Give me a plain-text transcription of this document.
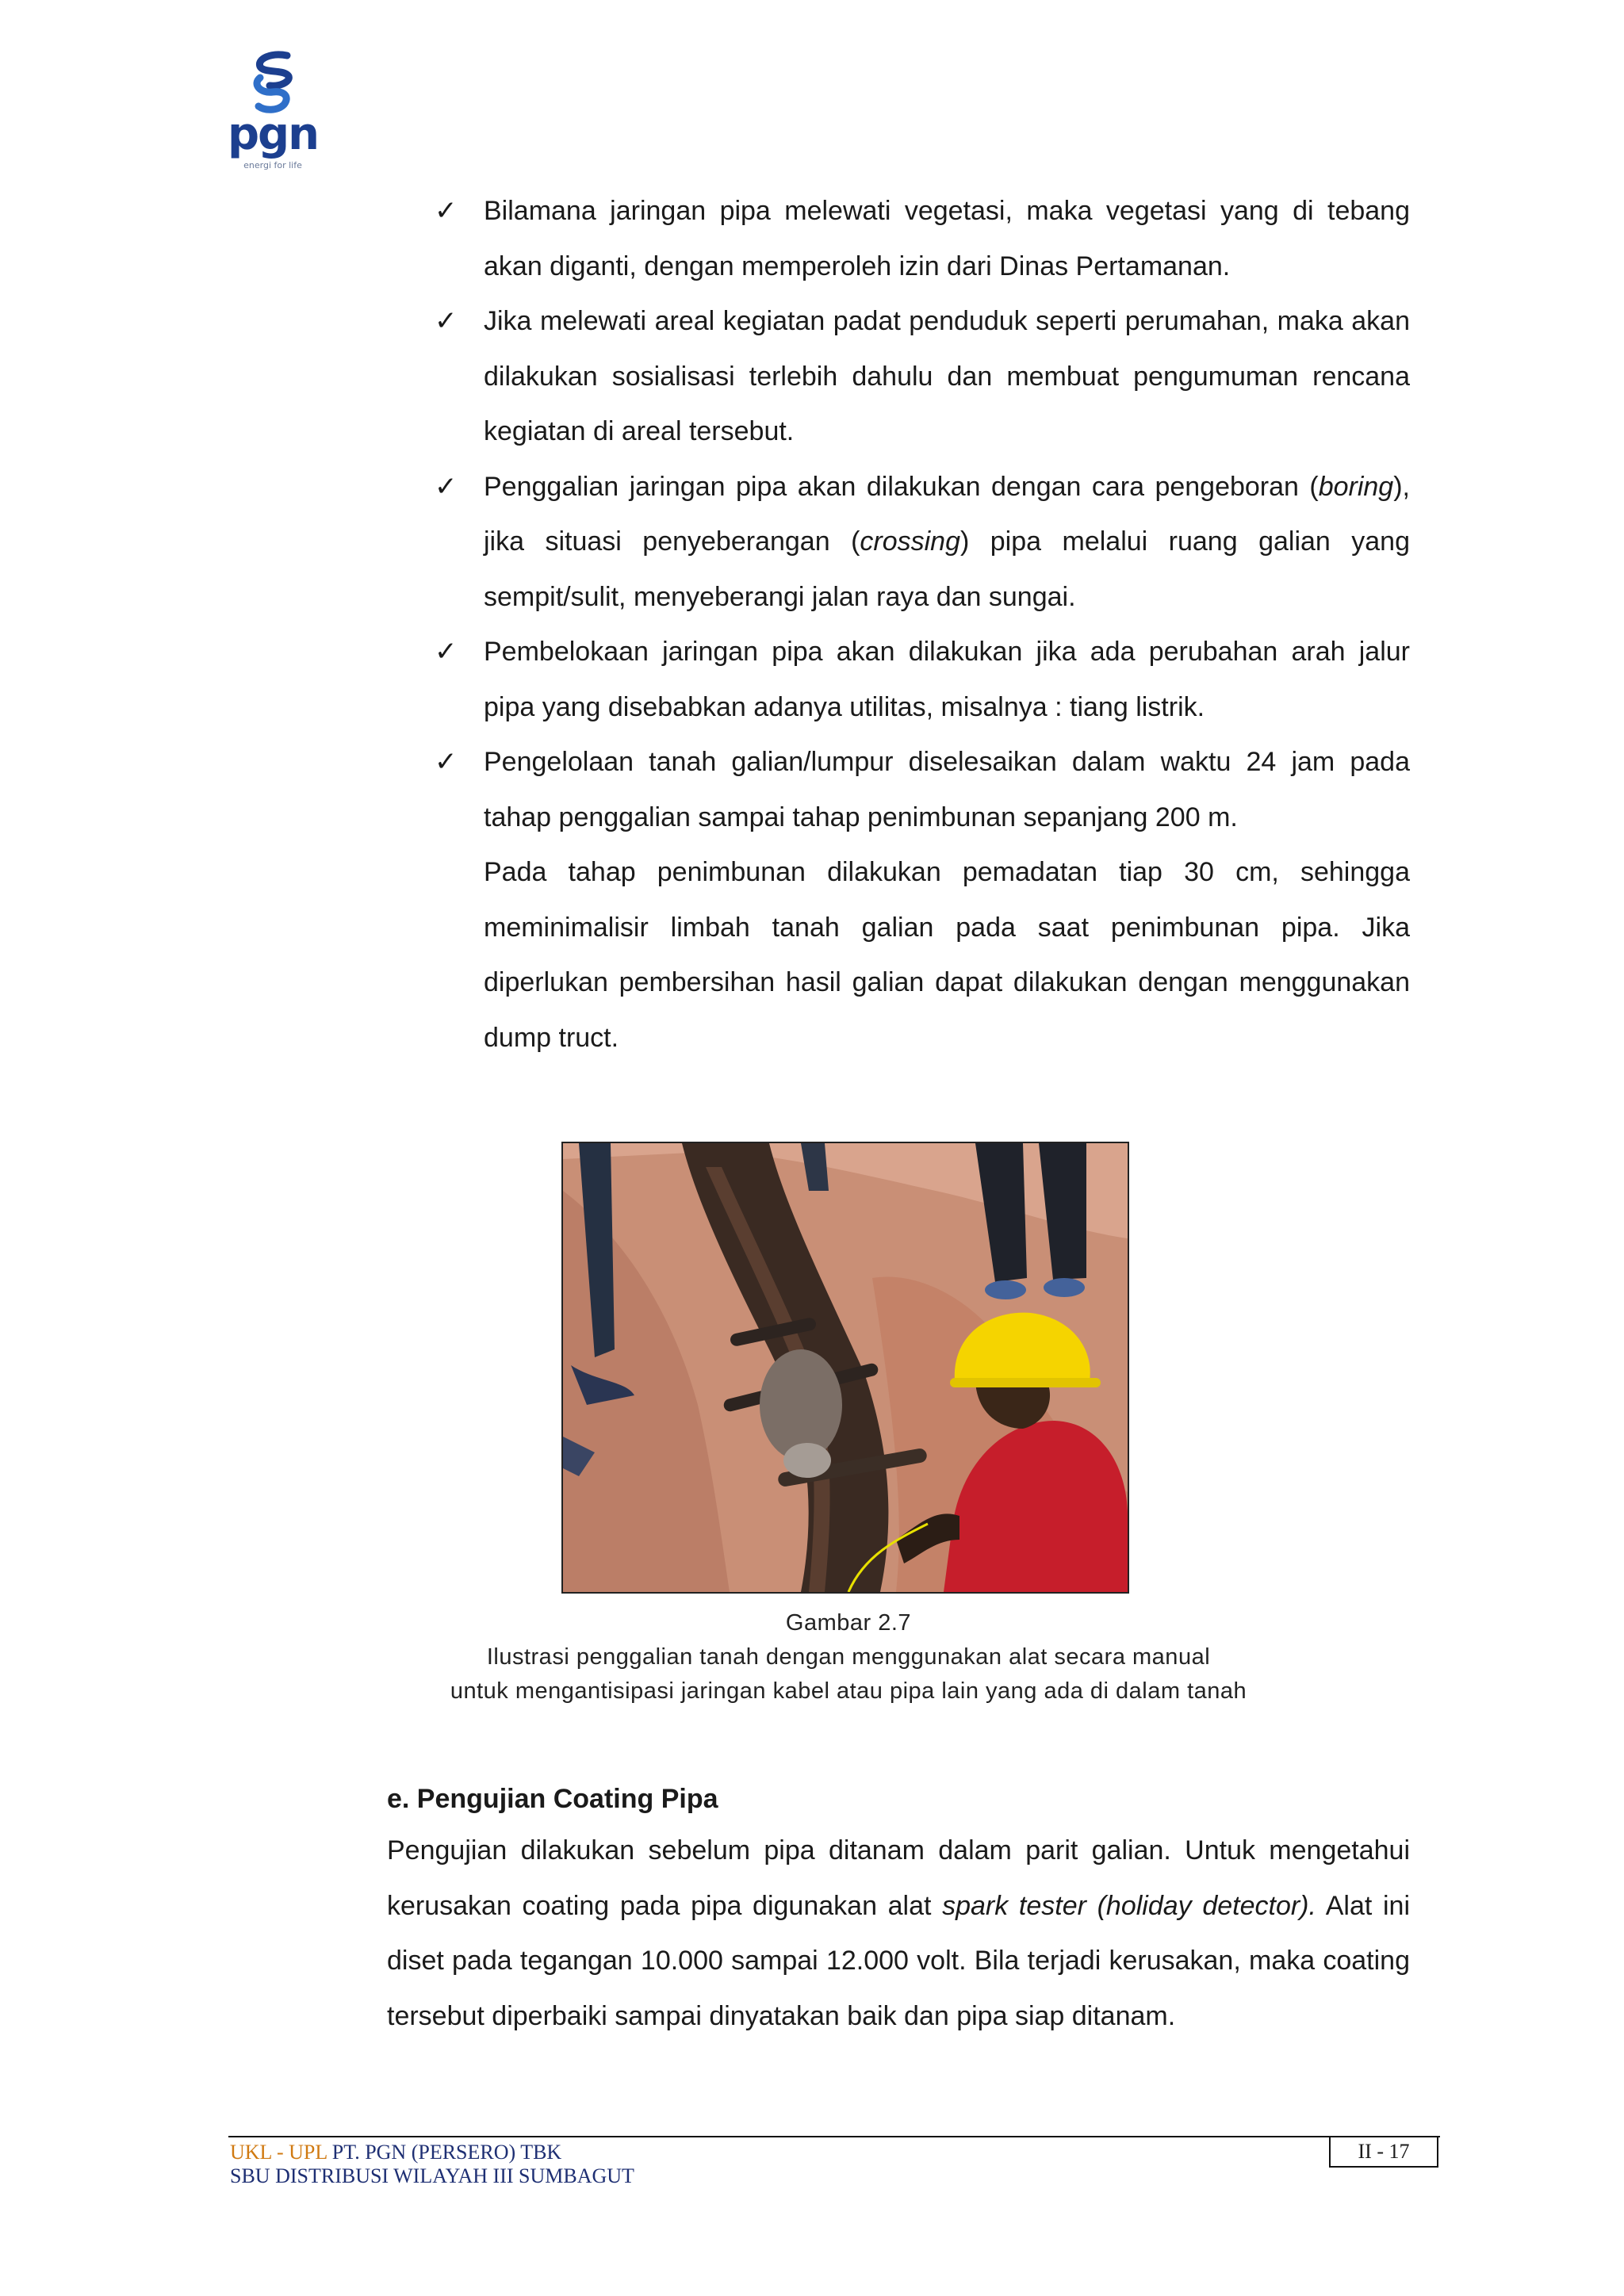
pgn
energi for life
✓ Bilamana jaringan pipa melewati vegetasi, maka vegetasi yang di tebang akan diganti, dengan memperoleh izin dari Dinas Pertamanan.
✓ Jika melewati areal kegiatan padat penduduk seperti perumahan, maka akan dilakukan sosialisasi terlebih dahulu dan membuat pengumuman rencana kegiatan di areal tersebut.
✓ Penggalian jaringan pipa akan dilakukan dengan cara pengeboran (boring), jika situasi penyeberangan (crossing) pipa melalui ruang galian yang sempit/sulit, menyeberangi jalan raya dan sungai.
✓ Pembelokaan jaringan pipa akan dilakukan jika ada perubahan arah jalur pipa yang disebabkan adanya utilitas, misalnya : tiang listrik.
✓ Pengelolaan tanah galian/lumpur diselesaikan dalam waktu 24 jam pada tahap penggalian sampai tahap penimbunan sepanjang 200 m.
Pada tahap penimbunan dilakukan pemadatan tiap 30 cm, sehingga meminimalisir limbah tanah galian pada saat penimbunan pipa. Jika diperlukan pembersihan hasil galian dapat dilakukan dengan menggunakan dump truct.
Gambar 2.7
Ilustrasi penggalian tanah dengan menggunakan alat secara manual
untuk mengantisipasi jaringan kabel atau pipa lain yang ada di dalam tanah
e. Pengujian Coating Pipa
Pengujian dilakukan sebelum pipa ditanam dalam parit galian. Untuk mengetahui kerusakan coating pada pipa digunakan alat spark tester (holiday detector). Alat ini diset pada tegangan 10.000 sampai 12.000 volt. Bila terjadi kerusakan, maka coating tersebut diperbaiki sampai dinyatakan baik dan pipa siap ditanam.
UKL - UPL PT. PGN (PERSERO) TBK
SBU DISTRIBUSI WILAYAH III SUMBAGUT
II - 17
